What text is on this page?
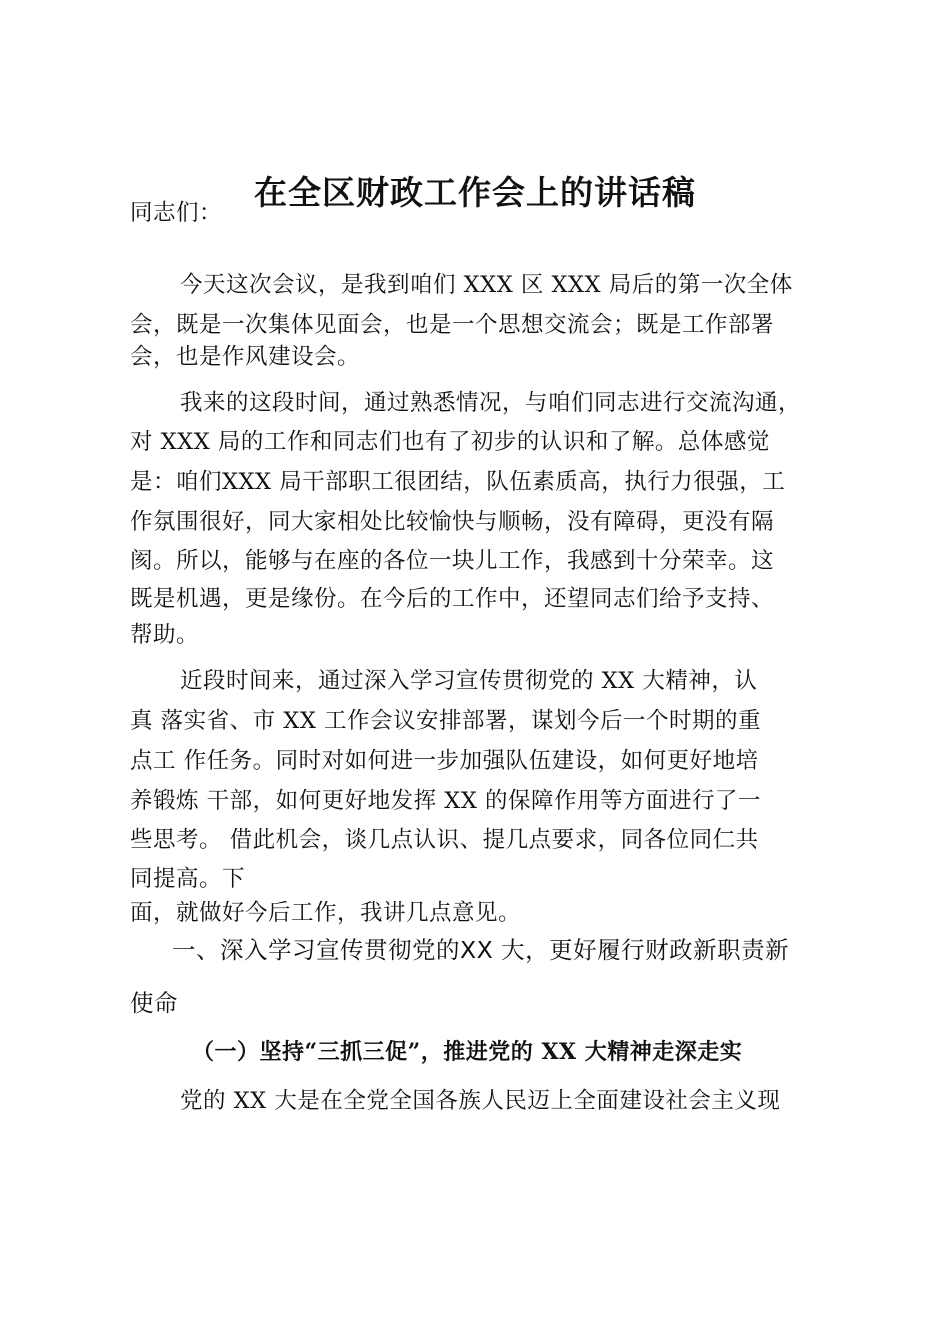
在全区财政工作会上的讲话稿
同志们：
今天这次会议，是我到咱们 XXX 区 XXX 局后的第一次全体
会，既是一次集体见面会，也是一个思想交流会；既是工作部署
会，也是作风建设会。
我来的这段时间，通过熟悉情况，与咱们同志进行交流沟通，
对 XXX 局的工作和同志们也有了初步的认识和了解。总体感觉
是：咱们XXX 局干部职工很团结，队伍素质高，执行力很强，工
作氛围很好，同大家相处比较愉快与顺畅，没有障碍，更没有隔
阂。所以，能够与在座的各位一块儿工作，我感到十分荣幸。这
既是机遇，更是缘份。在今后的工作中，还望同志们给予支持、
帮助。
近段时间来，通过深入学习宣传贯彻党的 XX 大精神，认
真 落实省、市 XX 工作会议安排部署，谋划今后一个时期的重
点工 作任务。同时对如何进一步加强队伍建设，如何更好地培
养锻炼 干部，如何更好地发挥 XX 的保障作用等方面进行了一
些思考。 借此机会，谈几点认识、提几点要求，同各位同仁共
同提高。下
面，就做好今后工作，我讲几点意见。
一、深入学习宣传贯彻党的XX 大，更好履行财政新职责新
使命
（一）坚持“三抓三促”，推进党的 XX 大精神走深走实
党的 XX 大是在全党全国各族人民迈上全面建设社会主义现
